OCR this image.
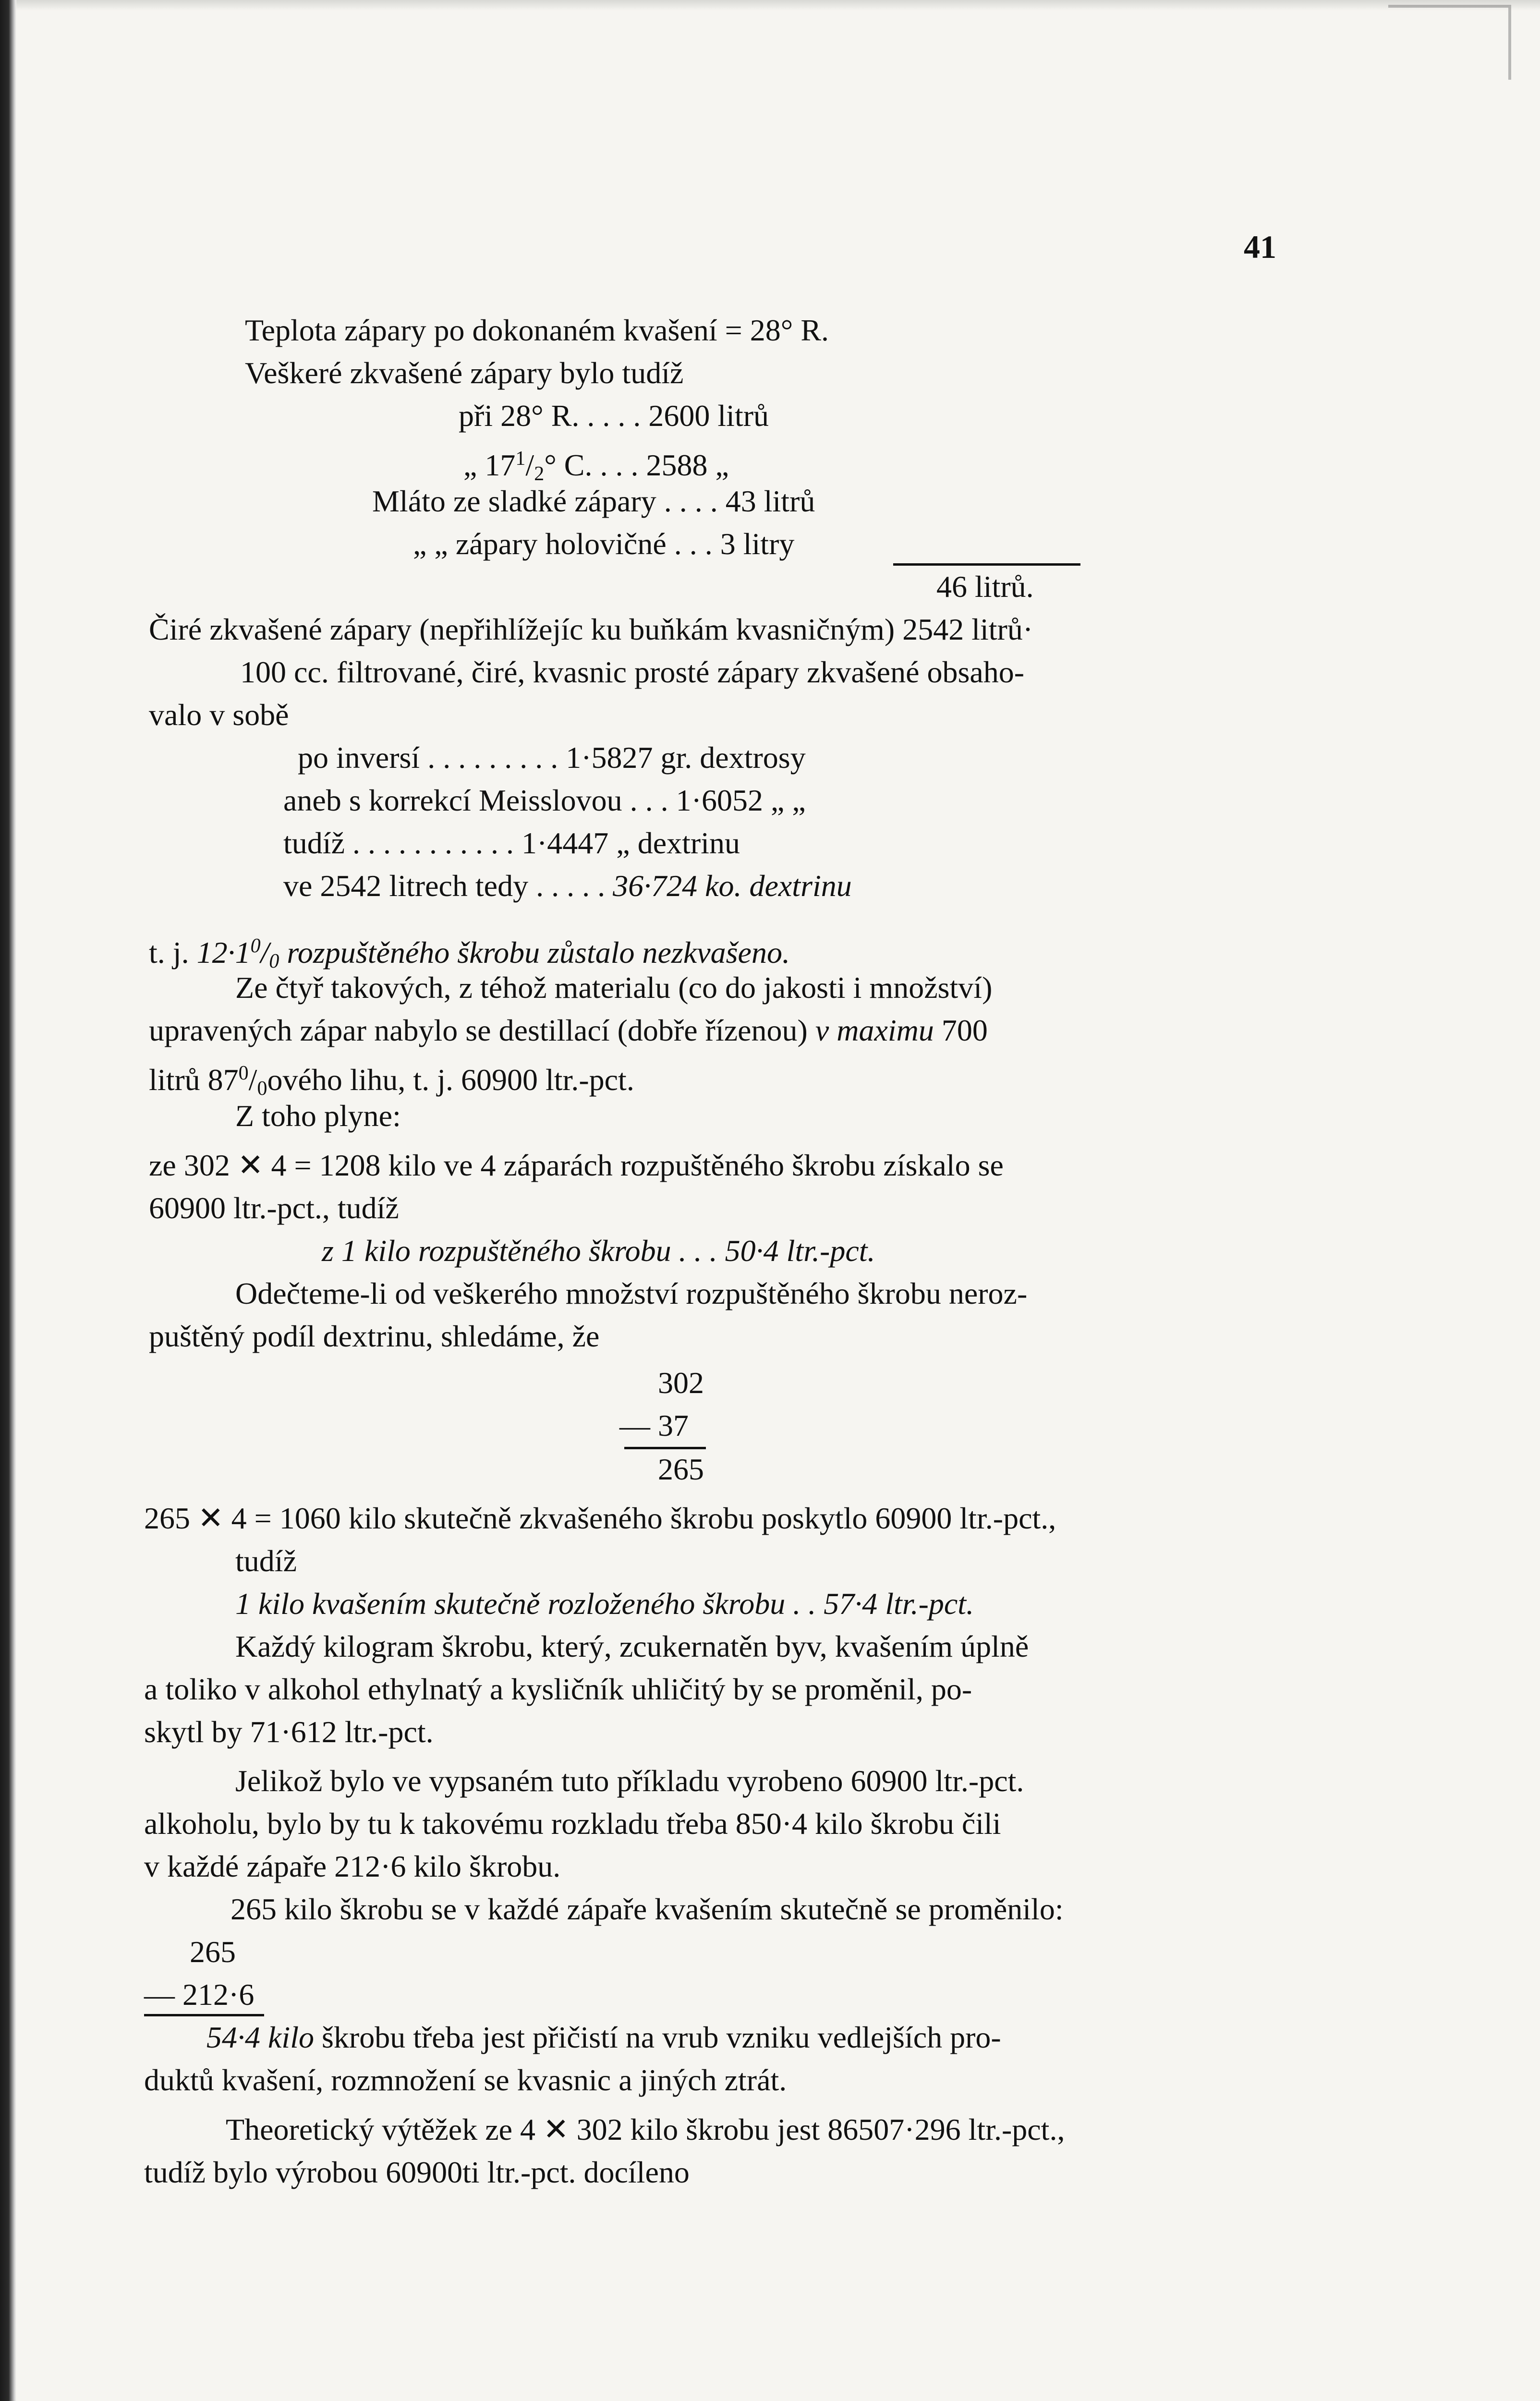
41
Teplota zápary po dokonaném kvašení = 28° R.
Veškeré zkvašené zápary bylo tudíž
při 28° R. . . . . 2600 litrů
„ $17^1/_2^\circ$ C. . . . 2588 „
Mláto ze sladké zápary . . . . 43 litrů
„ „ zápary holovičné . . . 3 litry
46 litrů.
Čiré zkvašené zápary (nepřihlížejíc ku buňkám kvasničným) 2542 litrů·
100 cc. filtrované, čiré, kvasnic prosté zápary zkvašené obsaho-
valo v sobě
po inversí . . . . . . . . . 1·5827 gr. dextrosy
aneb s korrekcí Meisslovou . . . 1·6052 „ „
tudíž . . . . . . . . . . . 1·4447 „ dextrinu
ve 2542 litrech tedy . . . . . 36·724 ko. dextrinu
t. j. $12\cdot 1^0/_0$ rozpuštěného škrobu zůstalo nezkvašeno.
Ze čtyř takových, z téhož materialu (co do jakosti i množství)
upravených zápar nabylo se destillací (dobře řízenou) v maximu 700
litrů $87^0/_0ového$ lihu, t. j. 60900 ltr.-pct.
Z toho plyne:
ze 302 ✕ 4 = 1208 kilo ve 4 záparách rozpuštěného škrobu získalo se
60900 ltr.-pct., tudíž
z 1 kilo rozpuštěného škrobu . . . 50·4 ltr.-pct.
Odečteme-li od veškerého množství rozpuštěného škrobu neroz-
puštěný podíl dextrinu, shledáme, že
302
— 37
265
265 ✕ 4 = 1060 kilo skutečně zkvašeného škrobu poskytlo 60900 ltr.-pct.,
tudíž
1 kilo kvašením skutečně rozloženého škrobu . . 57·4 ltr.-pct.
Každý kilogram škrobu, který, zcukernatěn byv, kvašením úplně
a toliko v alkohol ethylnatý a kysličník uhličitý by se proměnil, po-
skytl by 71·612 ltr.-pct.
Jelikož bylo ve vypsaném tuto příkladu vyrobeno 60900 ltr.-pct.
alkoholu, bylo by tu k takovému rozkladu třeba 850·4 kilo škrobu čili
v každé zápaře 212·6 kilo škrobu.
265 kilo škrobu se v každé zápaře kvašením skutečně se proměnilo:
265
— 212·6
54·4 kilo škrobu třeba jest přičistí na vrub vzniku vedlejších pro-
duktů kvašení, rozmnožení se kvasnic a jiných ztrát.
Theoretický výtěžek ze 4 ✕ 302 kilo škrobu jest 86507·296 ltr.-pct.,
tudíž bylo výrobou 60900ti ltr.-pct. docíleno
